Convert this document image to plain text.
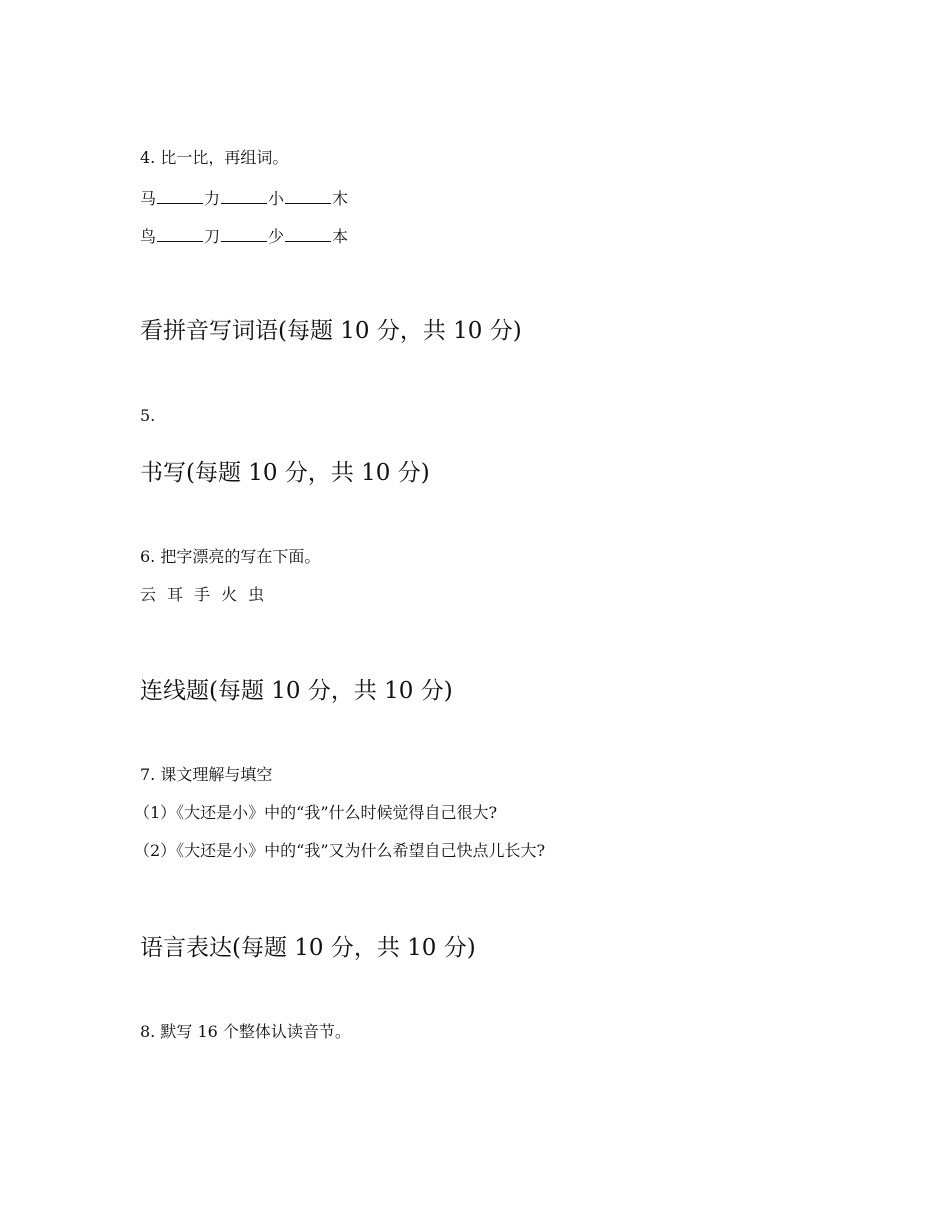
4. 比一比，再组词。
马	力	小	木
鸟	刀	少	本
看拼音写词语(每题 10 分，共 10 分)
5.
书写(每题 10 分，共 10 分)
6. 把字漂亮的写在下面。
云 耳 手 火 虫
连线题(每题 10 分，共 10 分)
7. 课文理解与填空
（1）《大还是小》中的“我”什么时候觉得自己很大?
（2）《大还是小》中的“我”又为什么希望自己快点儿长大?
语言表达(每题 10 分，共 10 分)
8. 默写 16 个整体认读音节。
